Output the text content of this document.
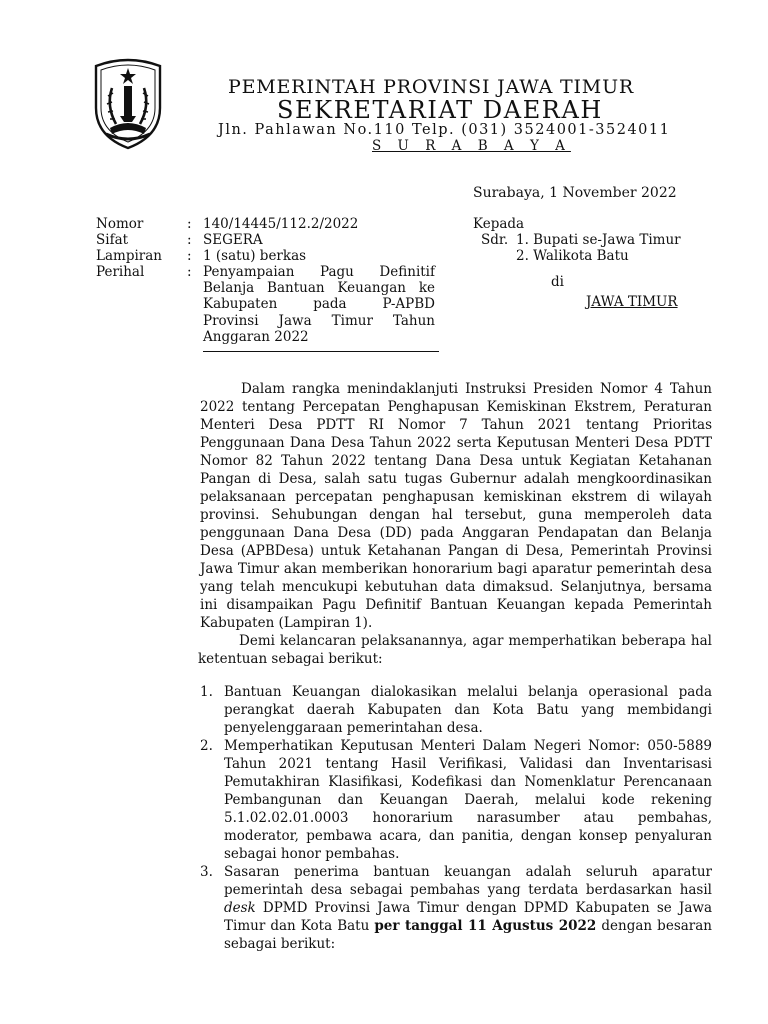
PEMERINTAH PROVINSI JAWA TIMUR
SEKRETARIAT DAERAH
Jln. Pahlawan No.110 Telp. (031) 3524001-3524011
S U R A B A Y A
Surabaya, 1 November 2022
Nomor	: 140/14445/112.2/2022
Sifat	: SEGERA
Lampiran : 1 (satu) berkas
Perihal	: Penyampaian Pagu Definitif
Belanja Bantuan Keuangan ke
Kabupaten pada P-APBD
Provinsi Jawa Timur Tahun
Anggaran 2022
Kepada
Sdr. 1. Bupati se-Jawa Timur
2. Walikota Batu
di
JAWA TIMUR

Dalam rangka menindaklanjuti Instruksi Presiden Nomor 4 Tahun 2022 tentang Percepatan Penghapusan Kemiskinan Ekstrem, Peraturan Menteri Desa PDTT RI Nomor 7 Tahun 2021 tentang Prioritas Penggunaan Dana Desa Tahun 2022 serta Keputusan Menteri Desa PDTT Nomor 82 Tahun 2022 tentang Dana Desa untuk Kegiatan Ketahanan Pangan di Desa, salah satu tugas Gubernur adalah mengkoordinasikan pelaksanaan percepatan penghapusan kemiskinan ekstrem di wilayah provinsi. Sehubungan dengan hal tersebut, guna memperoleh data penggunaan Dana Desa (DD) pada Anggaran Pendapatan dan Belanja Desa (APBDesa) untuk Ketahanan Pangan di Desa, Pemerintah Provinsi Jawa Timur akan memberikan honorarium bagi aparatur pemerintah desa yang telah mencukupi kebutuhan data dimaksud. Selanjutnya, bersama ini disampaikan Pagu Definitif Bantuan Keuangan kepada Pemerintah Kabupaten (Lampiran 1).

Demi kelancaran pelaksanannya, agar memperhatikan beberapa hal ketentuan sebagai berikut:

1. Bantuan Keuangan dialokasikan melalui belanja operasional pada perangkat daerah Kabupaten dan Kota Batu yang membidangi penyelenggaraan pemerintahan desa.
2. Memperhatikan Keputusan Menteri Dalam Negeri Nomor: 050-5889 Tahun 2021 tentang Hasil Verifikasi, Validasi dan Inventarisasi Pemutakhiran Klasifikasi, Kodefikasi dan Nomenklatur Perencanaan Pembangunan dan Keuangan Daerah, melalui kode rekening 5.1.02.02.01.0003 honorarium narasumber atau pembahas, moderator, pembawa acara, dan panitia, dengan konsep penyaluran sebagai honor pembahas.
3. Sasaran penerima bantuan keuangan adalah seluruh aparatur pemerintah desa sebagai pembahas yang terdata berdasarkan hasil desk DPMD Provinsi Jawa Timur dengan DPMD Kabupaten se Jawa Timur dan Kota Batu per tanggal 11 Agustus 2022 dengan besaran sebagai berikut:
